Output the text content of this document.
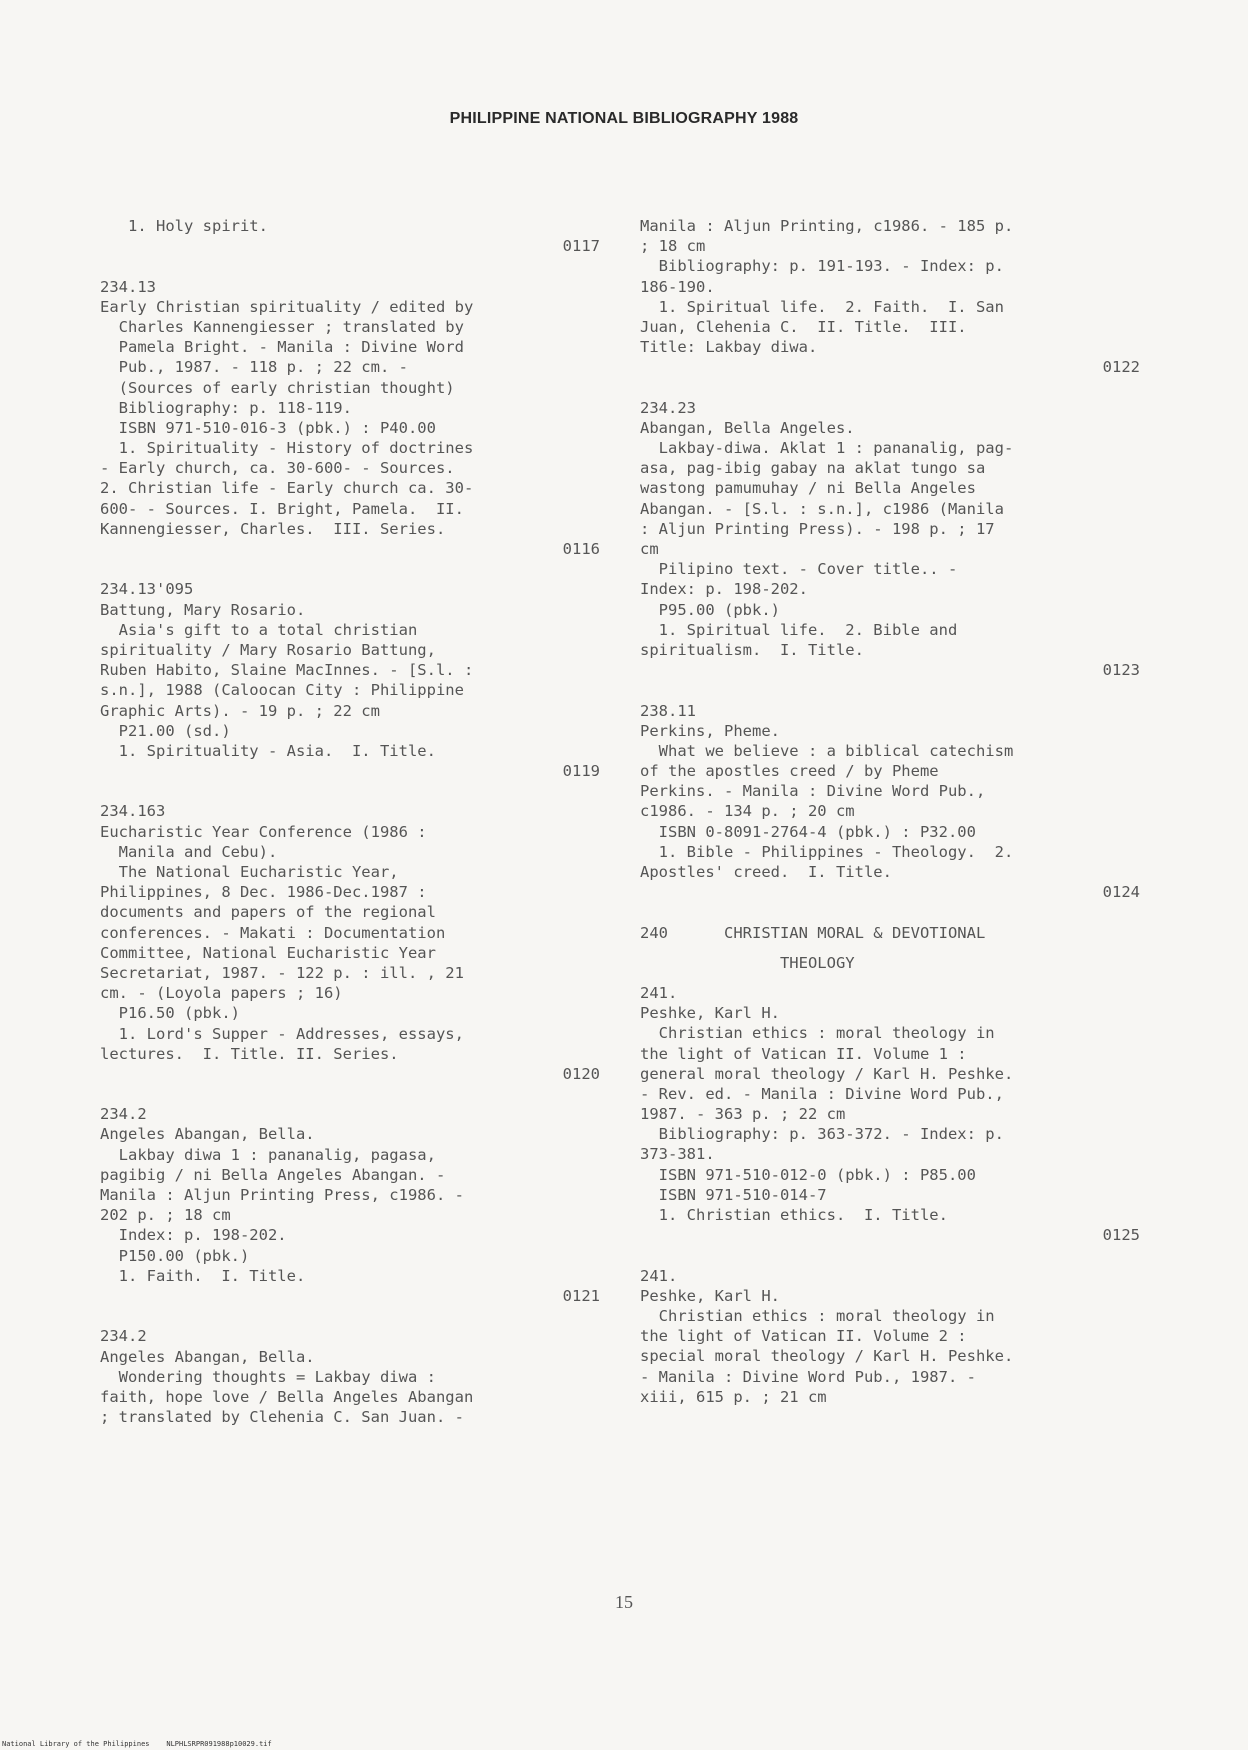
PHILIPPINE NATIONAL BIBLIOGRAPHY 1988
1. Holy spirit.
0117
234.13
Early Christian spirituality / edited by
Charles Kannengiesser ; translated by
Pamela Bright. - Manila : Divine Word
Pub., 1987. - 118 p. ; 22 cm. -
(Sources of early christian thought)
Bibliography: p. 118-119.
ISBN 971-510-016-3 (pbk.) : P40.00
1. Spirituality - History of doctrines
- Early church, ca. 30-600- - Sources.
2. Christian life - Early church ca. 30-
600- - Sources. I. Bright, Pamela.  II.
Kannengiesser, Charles.  III. Series.
0116
234.13'095
Battung, Mary Rosario.
Asia's gift to a total christian
spirituality / Mary Rosario Battung,
Ruben Habito, Slaine MacInnes. - [S.l. :
s.n.], 1988 (Caloocan City : Philippine
Graphic Arts). - 19 p. ; 22 cm
P21.00 (sd.)
1. Spirituality - Asia.  I. Title.
0119
234.163
Eucharistic Year Conference (1986 :
Manila and Cebu).
The National Eucharistic Year,
Philippines, 8 Dec. 1986-Dec.1987 :
documents and papers of the regional
conferences. - Makati : Documentation
Committee, National Eucharistic Year
Secretariat, 1987. - 122 p. : ill. , 21
cm. - (Loyola papers ; 16)
P16.50 (pbk.)
1. Lord's Supper - Addresses, essays,
lectures.  I. Title. II. Series.
0120
234.2
Angeles Abangan, Bella.
Lakbay diwa 1 : pananalig, pagasa,
pagibig / ni Bella Angeles Abangan. -
Manila : Aljun Printing Press, c1986. -
202 p. ; 18 cm
Index: p. 198-202.
P150.00 (pbk.)
1. Faith.  I. Title.
0121
234.2
Angeles Abangan, Bella.
Wondering thoughts = Lakbay diwa :
faith, hope love / Bella Angeles Abangan
; translated by Clehenia C. San Juan. -
Manila : Aljun Printing, c1986. - 185 p.
; 18 cm
Bibliography: p. 191-193. - Index: p.
186-190.
1. Spiritual life.  2. Faith.  I. San
Juan, Clehenia C.  II. Title.  III.
Title: Lakbay diwa.
0122
234.23
Abangan, Bella Angeles.
Lakbay-diwa. Aklat 1 : pananalig, pag-
asa, pag-ibig gabay na aklat tungo sa
wastong pamumuhay / ni Bella Angeles
Abangan. - [S.l. : s.n.], c1986 (Manila
: Aljun Printing Press). - 198 p. ; 17
cm
Pilipino text. - Cover title.. -
Index: p. 198-202.
P95.00 (pbk.)
1. Spiritual life.  2. Bible and
spiritualism.  I. Title.
0123
238.11
Perkins, Pheme.
What we believe : a biblical catechism
of the apostles creed / by Pheme
Perkins. - Manila : Divine Word Pub.,
c1986. - 134 p. ; 20 cm
ISBN 0-8091-2764-4 (pbk.) : P32.00
1. Bible - Philippines - Theology.  2.
Apostles' creed.  I. Title.
0124
240      CHRISTIAN MORAL & DEVOTIONAL
THEOLOGY
241.
Peshke, Karl H.
Christian ethics : moral theology in
the light of Vatican II. Volume 1 :
general moral theology / Karl H. Peshke.
- Rev. ed. - Manila : Divine Word Pub.,
1987. - 363 p. ; 22 cm
Bibliography: p. 363-372. - Index: p.
373-381.
ISBN 971-510-012-0 (pbk.) : P85.00
ISBN 971-510-014-7
1. Christian ethics.  I. Title.
0125
241.
Peshke, Karl H.
Christian ethics : moral theology in
the light of Vatican II. Volume 2 :
special moral theology / Karl H. Peshke.
- Manila : Divine Word Pub., 1987. -
xiii, 615 p. ; 21 cm
15
National Library of the Philippines    NLPHLSRPR091988p10029.tif
